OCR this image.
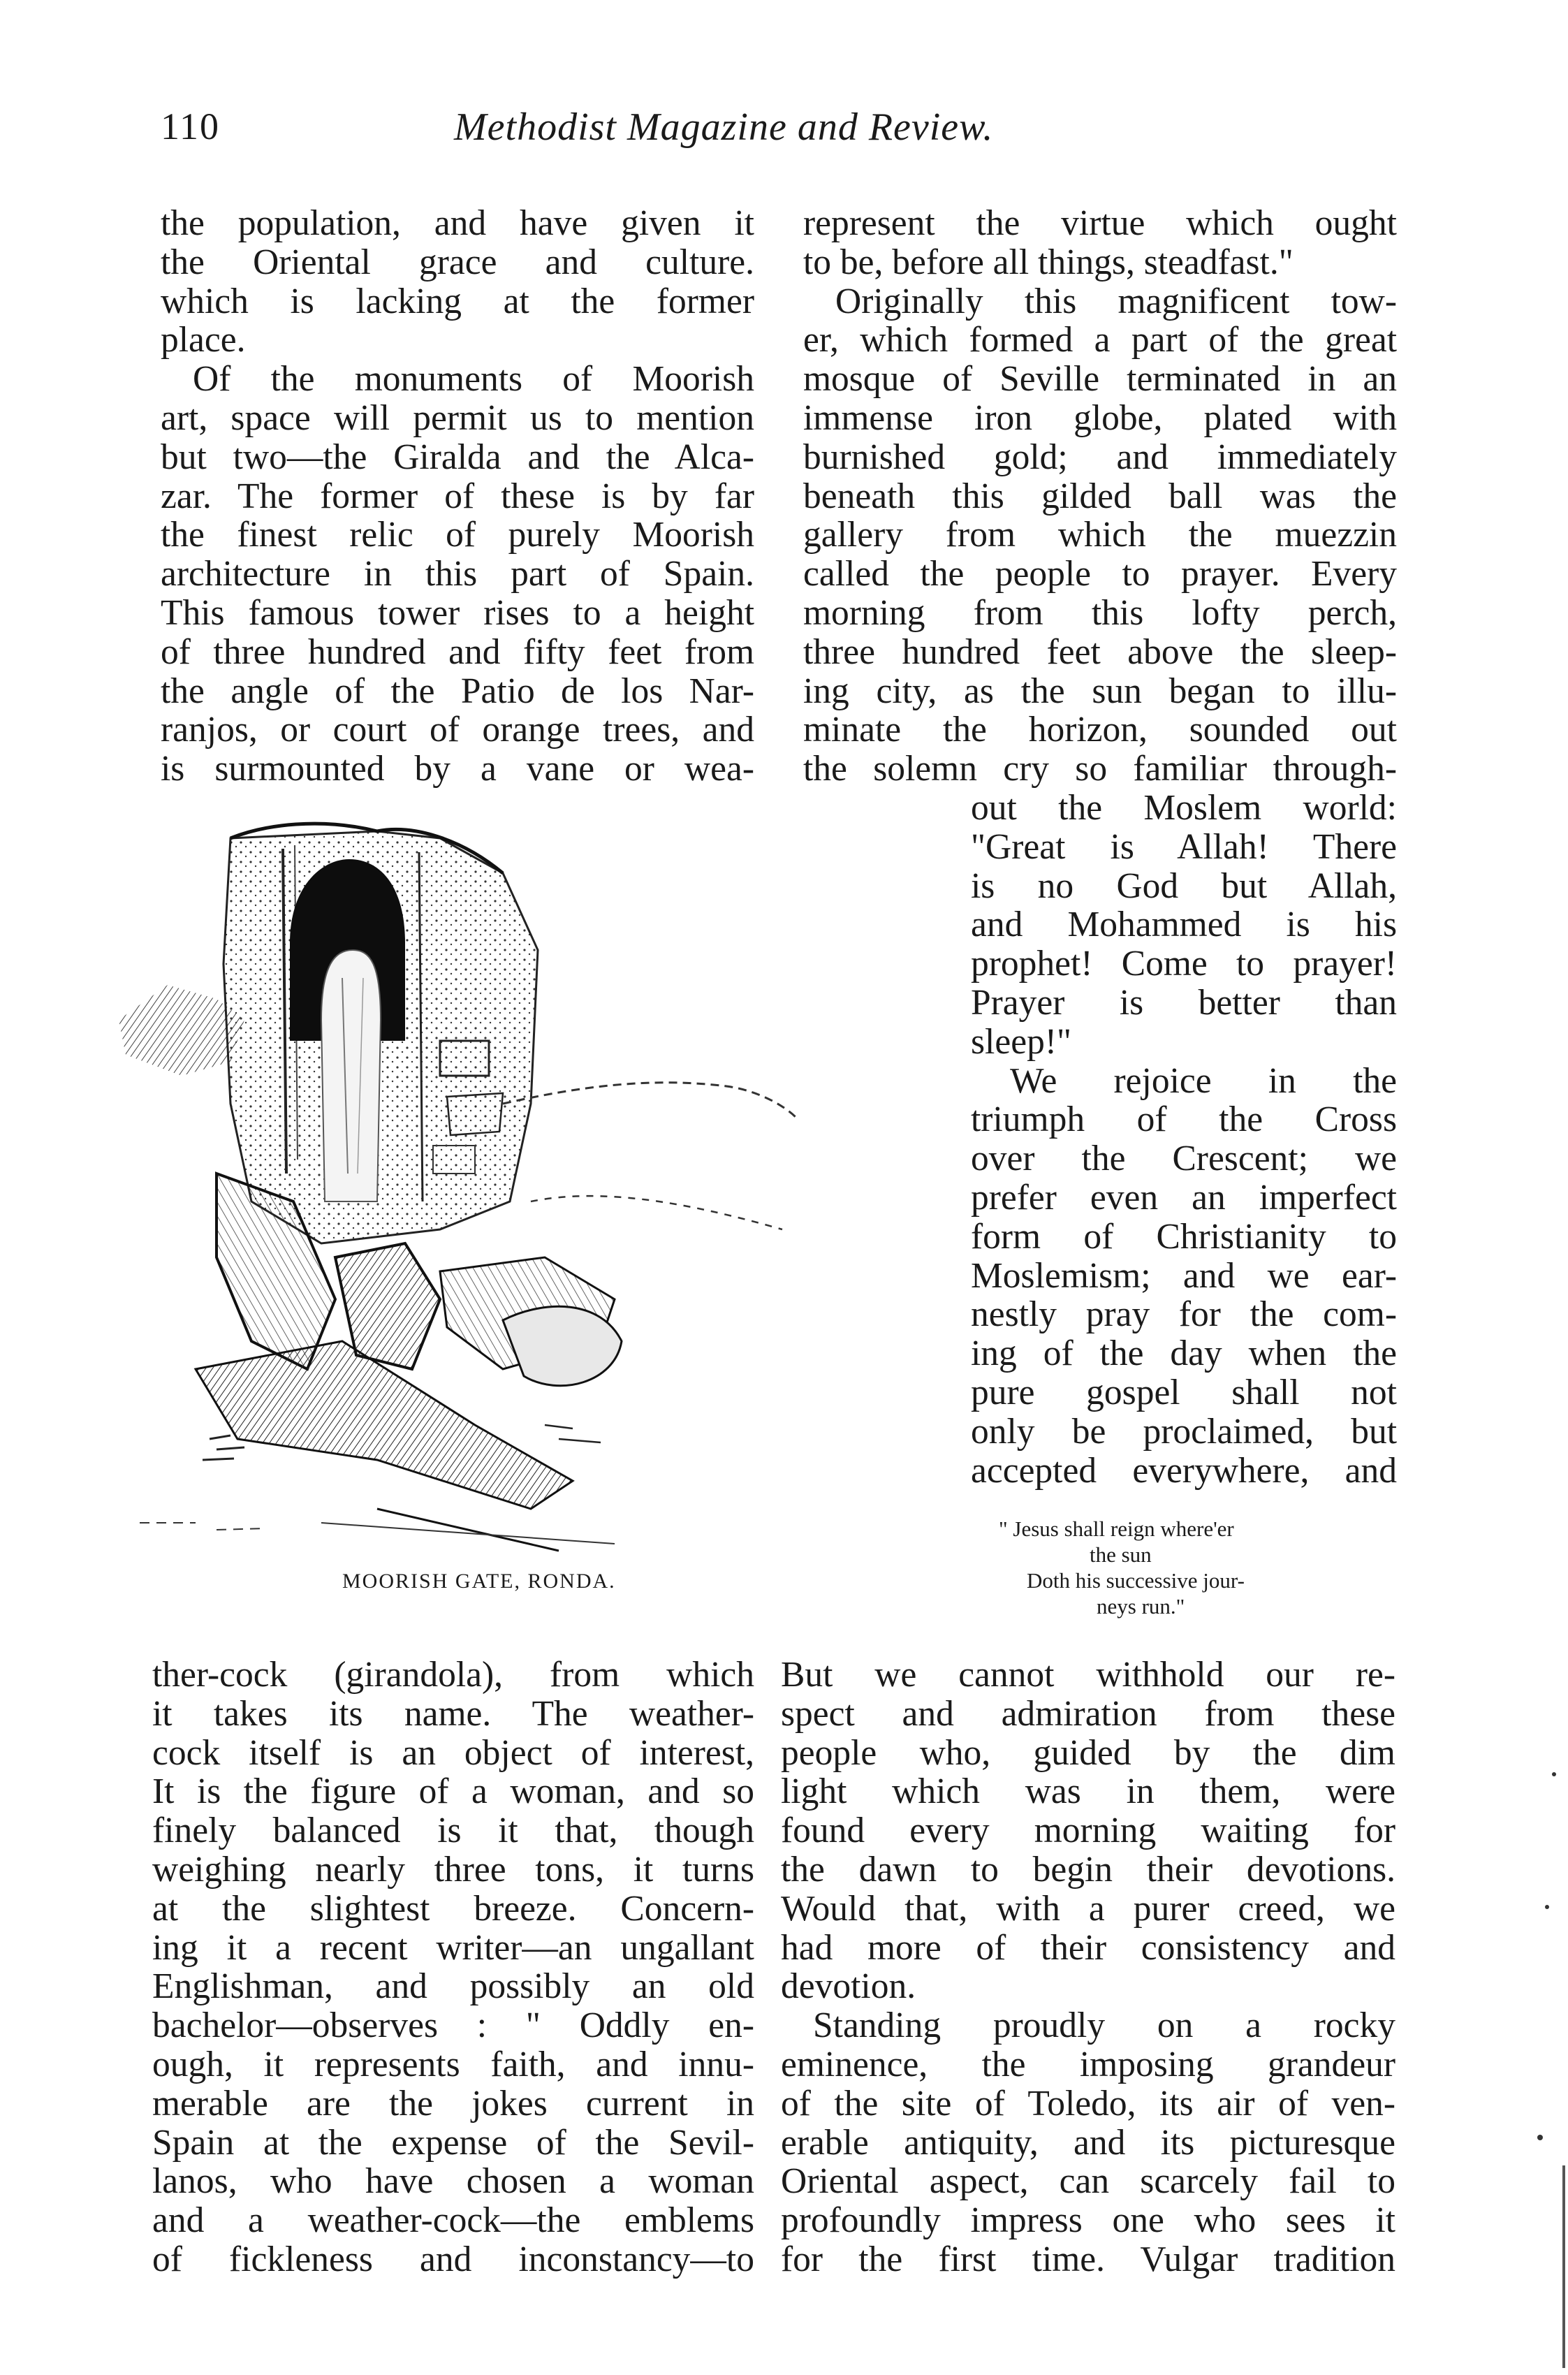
110	Methodist Magazine and Review.
the population, and have given it
the Oriental grace and culture.
which is lacking at the former
place.
Of the monuments of Moorish
art, space will permit us to mention
but two—the Giralda and the Alca-
zar. The former of these is by far
the finest relic of purely Moorish
architecture in this part of Spain.
This famous tower rises to a height
of three hundred and fifty feet from
the angle of the Patio de los Nar-
ranjos, or court of orange trees, and
is surmounted by a vane or wea-
represent the virtue which ought
to be, before all things, steadfast."
Originally this magnificent tow-
er, which formed a part of the great
mosque of Seville terminated in an
immense iron globe, plated with
burnished gold; and immediately
beneath this gilded ball was the
gallery from which the muezzin
called the people to prayer. Every
morning from this lofty perch,
three hundred feet above the sleep-
ing city, as the sun began to illu-
minate the horizon, sounded out
the solemn cry so familiar through-
out the Moslem world:
"Great is Allah! There
is no God but Allah,
and Mohammed is his
prophet! Come to prayer!
Prayer is better than
sleep!"
We rejoice in the
triumph of the Cross
over the Crescent; we
prefer even an imperfect
form of Christianity to
Moslemism; and we ear-
nestly pray for the com-
ing of the day when the
pure gospel shall not
only be proclaimed, but
accepted everywhere, and
" Jesus shall reign where'er
the sun
Doth his successive jour-
neys run."
MOORISH GATE, RONDA.
ther-cock (girandola), from which
it takes its name. The weather-
cock itself is an object of interest,
It is the figure of a woman, and so
finely balanced is it that, though
weighing nearly three tons, it turns
at the slightest breeze. Concern-
ing it a recent writer—an ungallant
Englishman, and possibly an old
bachelor—observes : " Oddly en-
ough, it represents faith, and innu-
merable are the jokes current in
Spain at the expense of the Sevil-
lanos, who have chosen a woman
and a weather-cock—the emblems
of fickleness and inconstancy—to
But we cannot withhold our re-
spect and admiration from these
people who, guided by the dim
light which was in them, were
found every morning waiting for
the dawn to begin their devotions.
Would that, with a purer creed, we
had more of their consistency and
devotion.
Standing proudly on a rocky
eminence, the imposing grandeur
of the site of Toledo, its air of ven-
erable antiquity, and its picturesque
Oriental aspect, can scarcely fail to
profoundly impress one who sees it
for the first time. Vulgar tradition
